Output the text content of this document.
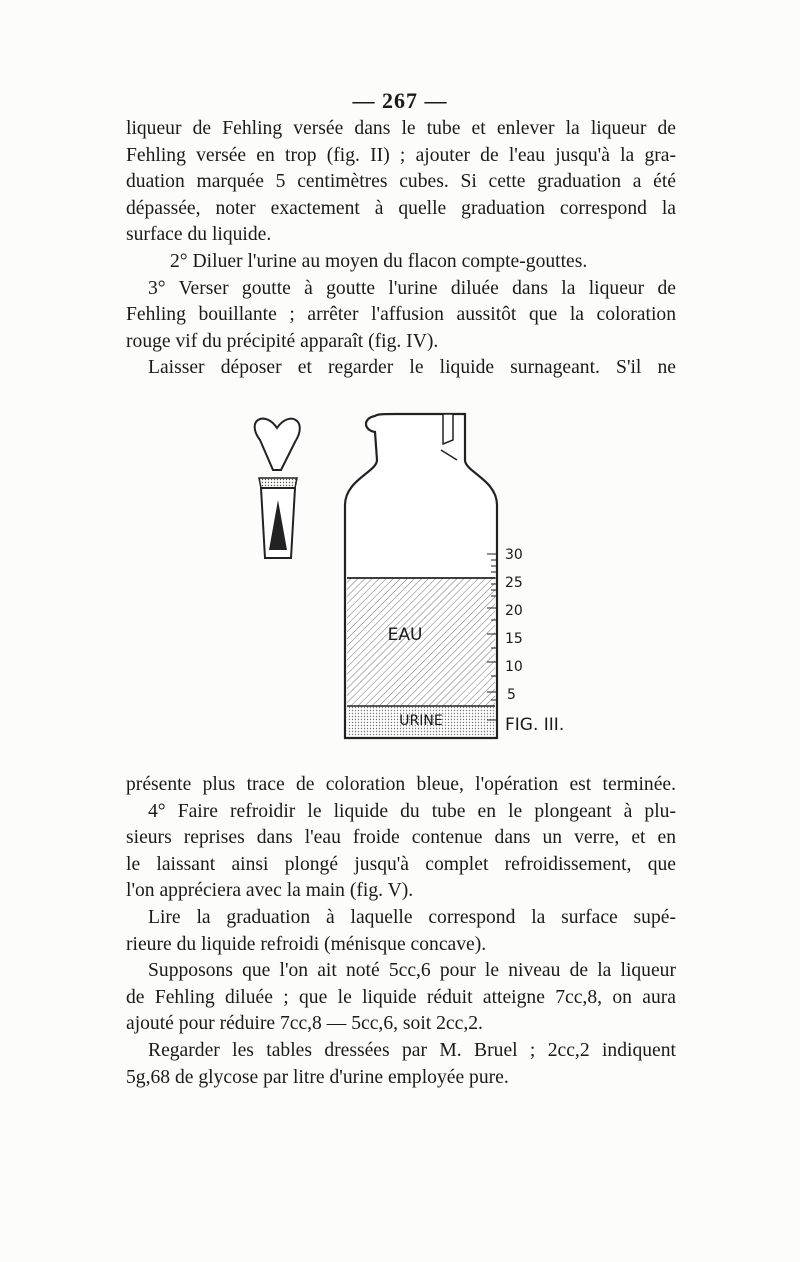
— 267 —

liqueur de Fehling versée dans le tube et enlever la liqueur de
Fehling versée en trop (fig. II) ; ajouter de l'eau jusqu'à la gra-
duation marquée 5 centimètres cubes. Si cette graduation a été
dépassée, noter exactement à quelle graduation correspond la
surface du liquide.

2° Diluer l'urine au moyen du flacon compte-gouttes.

3° Verser goutte à goutte l'urine diluée dans la liqueur de
Fehling bouillante ; arrêter l'affusion aussitôt que la coloration
rouge vif du précipité apparaît (fig. IV).

Laisser déposer et regarder le liquide surnageant. S'il ne

EAU
URINE
30
25
20
15
10
5
FIG. III.

présente plus trace de coloration bleue, l'opération est terminée.

4° Faire refroidir le liquide du tube en le plongeant à plu-
sieurs reprises dans l'eau froide contenue dans un verre, et en
le laissant ainsi plongé jusqu'à complet refroidissement, que
l'on appréciera avec la main (fig. V).

Lire la graduation à laquelle correspond la surface supé-
rieure du liquide refroidi (ménisque concave).

Supposons que l'on ait noté 5cc,6 pour le niveau de la liqueur
de Fehling diluée ; que le liquide réduit atteigne 7cc,8, on aura
ajouté pour réduire 7cc,8 — 5cc,6, soit 2cc,2.

Regarder les tables dressées par M. Bruel ; 2cc,2 indiquent
5g,68 de glycose par litre d'urine employée pure.
